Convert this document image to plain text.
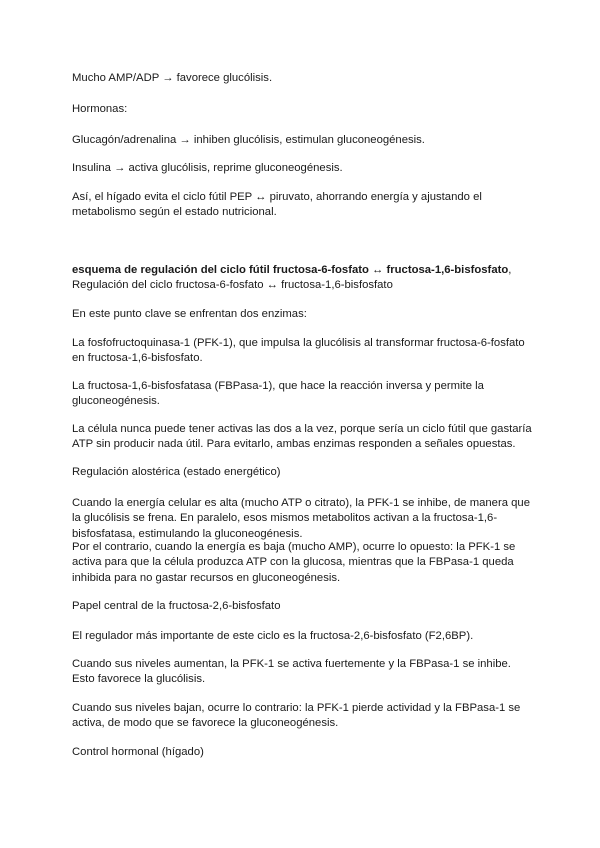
Mucho AMP/ADP → favorece glucólisis.

Hormonas:

Glucagón/adrenalina → inhiben glucólisis, estimulan gluconeogénesis.

Insulina → activa glucólisis, reprime gluconeogénesis.

Así, el hígado evita el ciclo fútil PEP ↔ piruvato, ahorrando energía y ajustando el metabolismo según el estado nutricional.

esquema de regulación del ciclo fútil fructosa-6-fosfato ↔ fructosa-1,6-bisfosfato,
Regulación del ciclo fructosa-6-fosfato ↔ fructosa-1,6-bisfosfato

En este punto clave se enfrentan dos enzimas:

La fosfofructoquinasa-1 (PFK-1), que impulsa la glucólisis al transformar fructosa-6-fosfato en fructosa-1,6-bisfosfato.

La fructosa-1,6-bisfosfatasa (FBPasa-1), que hace la reacción inversa y permite la gluconeogénesis.

La célula nunca puede tener activas las dos a la vez, porque sería un ciclo fútil que gastaría ATP sin producir nada útil. Para evitarlo, ambas enzimas responden a señales opuestas.

Regulación alostérica (estado energético)

Cuando la energía celular es alta (mucho ATP o citrato), la PFK-1 se inhibe, de manera que la glucólisis se frena. En paralelo, esos mismos metabolitos activan a la fructosa-1,6-bisfosfatasa, estimulando la gluconeogénesis.

Por el contrario, cuando la energía es baja (mucho AMP), ocurre lo opuesto: la PFK-1 se activa para que la célula produzca ATP con la glucosa, mientras que la FBPasa-1 queda inhibida para no gastar recursos en gluconeogénesis.

Papel central de la fructosa-2,6-bisfosfato

El regulador más importante de este ciclo es la fructosa-2,6-bisfosfato (F2,6BP).

Cuando sus niveles aumentan, la PFK-1 se activa fuertemente y la FBPasa-1 se inhibe. Esto favorece la glucólisis.

Cuando sus niveles bajan, ocurre lo contrario: la PFK-1 pierde actividad y la FBPasa-1 se activa, de modo que se favorece la gluconeogénesis.

Control hormonal (hígado)
